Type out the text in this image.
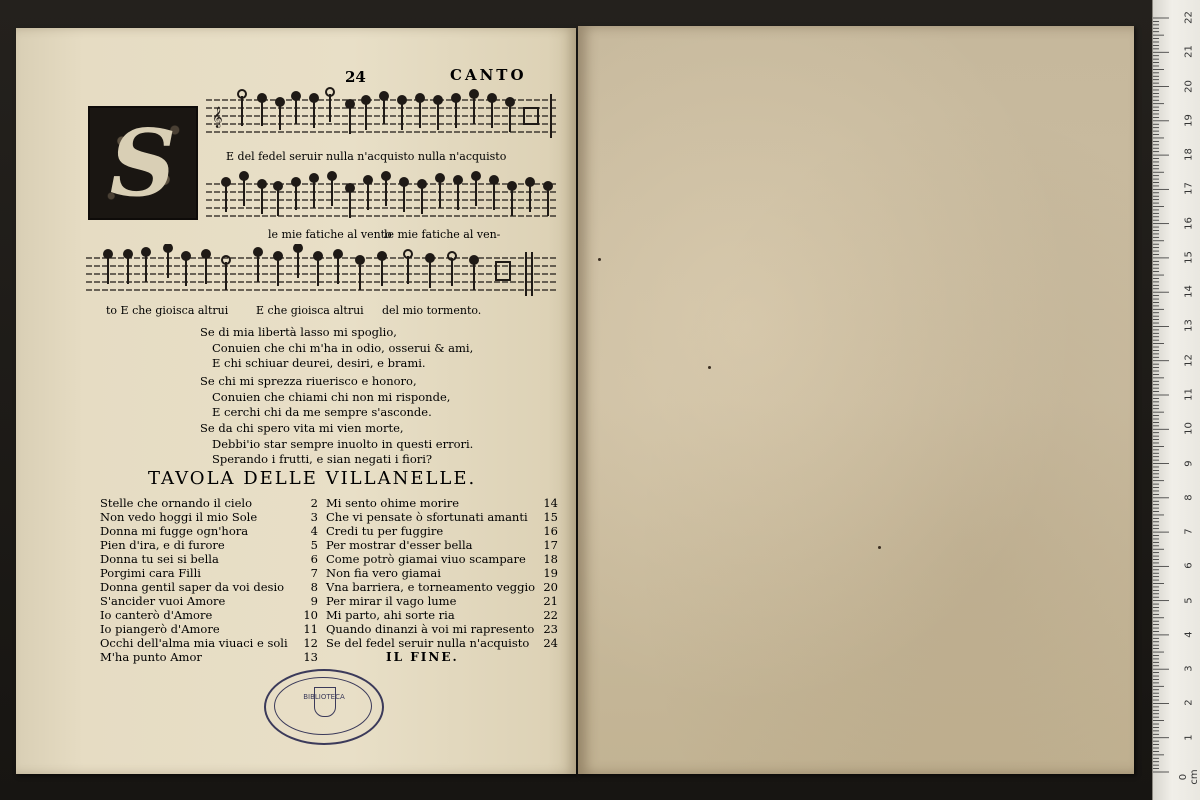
24	CANTO
S 𝄞
E del fedel seruir nulla n'acquisto nulla n'acquisto
le mie fatiche al vento
le mie fatiche al ven-
to E che gioisca altrui	E che gioisca altrui del mio tormento.
Se di mia libertà lasso mi spoglio,
Conuien che chi m'ha in odio, osserui & ami,
E chi schiuar deurei, desiri, e brami.
Se chi mi sprezza riuerisco e honoro,
Conuien che chiami chi non mi risponde,
E cerchi chi da me sempre s'asconde.
Se da chi spero vita mi vien morte,
Debbi'io star sempre inuolto in questi errori.
Sperando i frutti, e sian negati i fiori?
TAVOLA DELLE VILLANELLE.
Stelle che ornando il cielo	2
Non vedo hoggi il mio Sole	3
Donna mi fugge ogn'hora	4
Pien d'ira, e di furore	5
Donna tu sei si bella	6
Porgimi cara Filli	7
Donna gentil saper da voi desio 8
S'ancider vuoi Amore	9
Io canterò d'Amore	10
Io piangerò d'Amore	11
Occhi dell'alma mia viuaci e soli 12
M'ha punto Amor	13
Mi sento ohime morire	14
Che vi pensate ò sfortunati amanti 15
Credi tu per fuggire	16
Per mostrar d'esser bella	17
Come potrò giamai viuo scampare 18
Non fia vero giamai	19
Vna barriera, e torneamento veggio 20
Per mirar il vago lume	21
Mi parto, ahi sorte ria	22
Quando dinanzi à voi mi rapresento 23
Se del fedel seruir nulla n'acquisto 24
IL FINE.
BIBLIOTECA
22
21
20
19
18
17
16
15
14
13
12
11
10
9
8
7
6
5
4
3
2
1
0 cm
